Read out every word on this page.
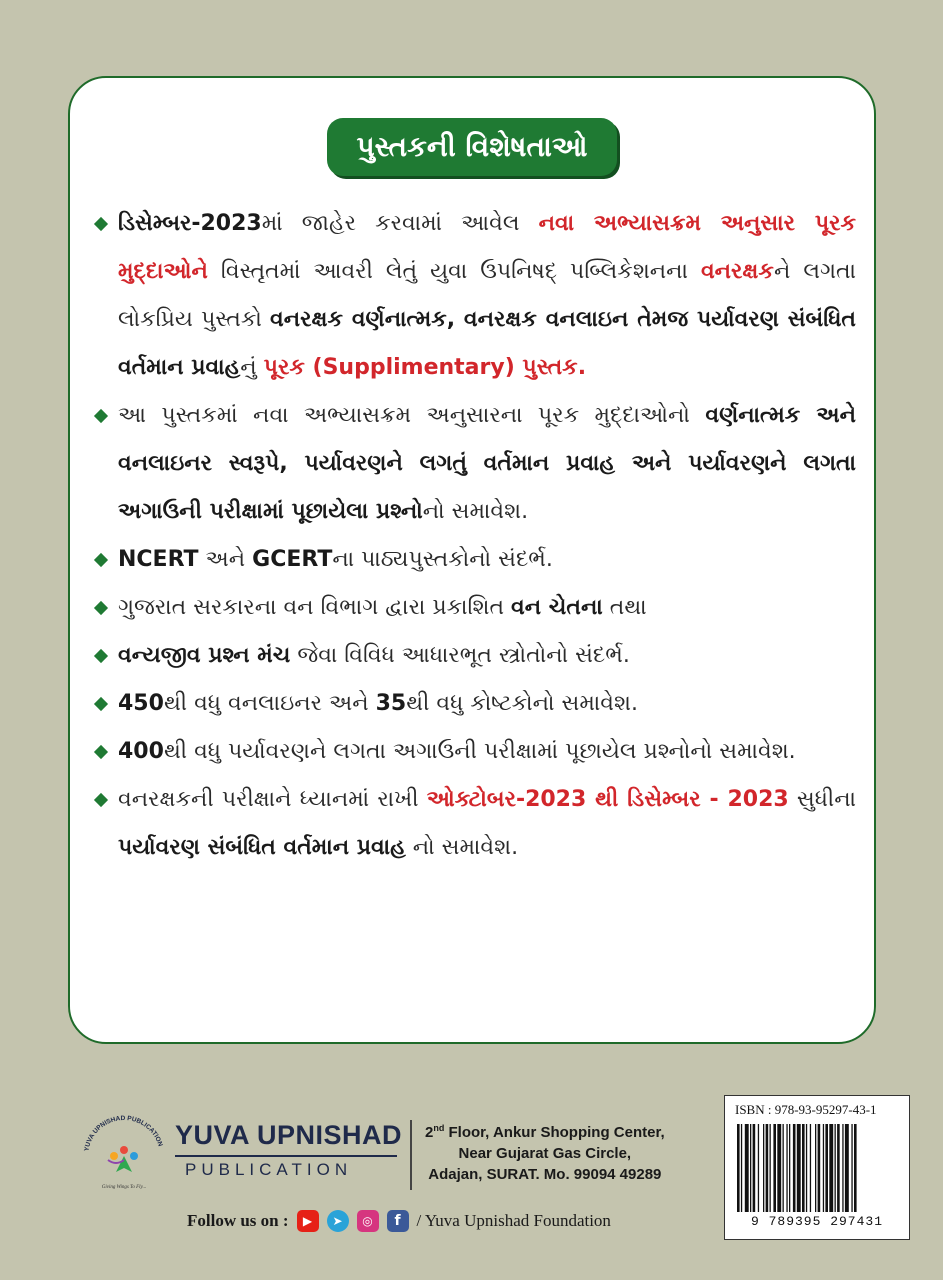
પુસ્તકની વિશેષતાઓ
ડિસેમ્બર-2023માં જાહેર કરવામાં આવેલ નવા અભ્યાસક્રમ અનુસાર પૂરક મુદ્દાઓને વિસ્તૃતમાં આવરી લેતું યુવા ઉપનિષદ્ પબ્લિકેશનના વનરક્ષકને લગતા લોકપ્રિય પુસ્તકો વનરક્ષક વર્ણનાત્મક, વનરક્ષક વનલાઇન તેમજ પર્યાવરણ સંબંધિત વર્તમાન પ્રવાહનું પૂરક (Supplimentary) પુસ્તક.
આ પુસ્તકમાં નવા અભ્યાસક્રમ અનુસારના પૂરક મુદ્દાઓનો વર્ણનાત્મક અને વનલાઇનર સ્વરૂપે, પર્યાવરણને લગતું વર્તમાન પ્રવાહ અને પર્યાવરણને લગતા અગાઉની પરીક્ષામાં પૂછાયેલા પ્રશ્નોનો સમાવેશ.
NCERT અને GCERTના પાઠ્યપુસ્તકોનો સંદર્ભ.
ગુજરાત સરકારના વન વિભાગ દ્વારા પ્રકાશિત વન ચેતના તથા
વન્યજીવ પ્રશ્ન મંચ જેવા વિવિધ આધારભૂત સ્ત્રોતોનો સંદર્ભ.
450થી વધુ વનલાઇનર અને 35થી વધુ કોષ્ટકોનો સમાવેશ.
400થી વધુ પર્યાવરણને લગતા અગાઉની પરીક્ષામાં પૂછાયેલ પ્રશ્નોનો સમાવેશ.
વનરક્ષકની પરીક્ષાને ધ્યાનમાં રાખી ઓક્ટોબર-2023 થી ડિસેમ્બર - 2023 સુધીના પર્યાવરણ સંબંધિત વર્તમાન પ્રવાહ નો સમાવેશ.
YUVA UPNISHAD PUBLICATION
Giving Wings To Fly...
YUVA UPNISHAD
PUBLICATION
2nd Floor, Ankur Shopping Center,
Near Gujarat Gas Circle,
Adajan, SURAT. Mo. 99094 49289
Follow us on :	▶	➤	◎	f / Yuva Upnishad Foundation
ISBN : 978-93-95297-43-1
9 789395 297431
